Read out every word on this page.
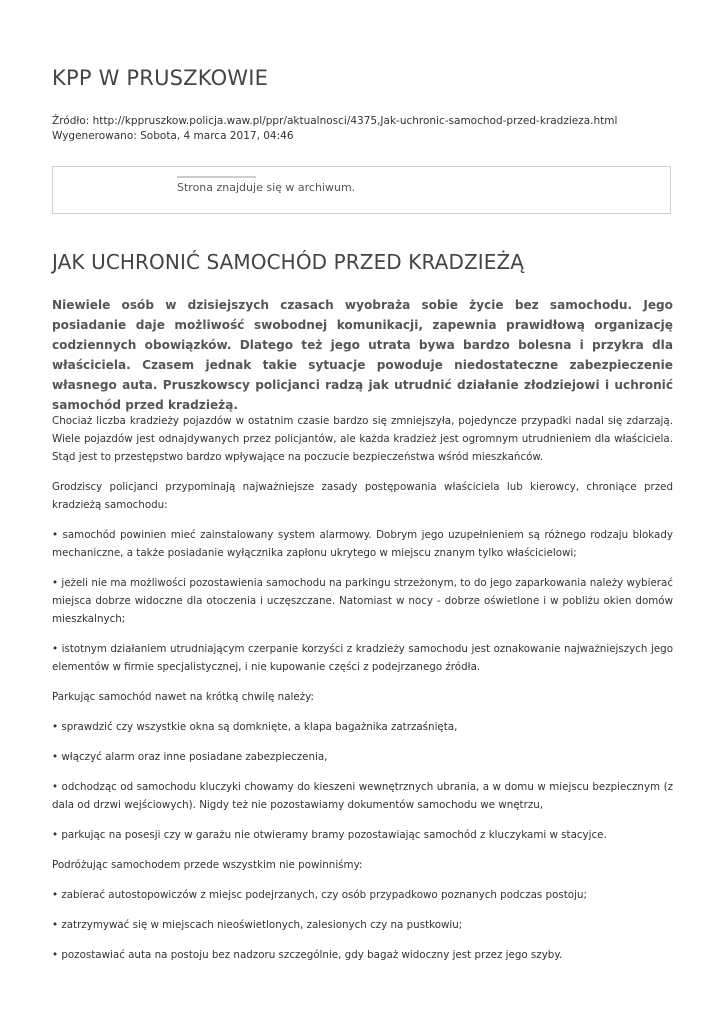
KPP W PRUSZKOWIE
Źródło: http://kppruszkow.policja.waw.pl/ppr/aktualnosci/4375,Jak-uchronic-samochod-przed-kradzieza.html
Wygenerowano: Sobota, 4 marca 2017, 04:46
Strona znajduje się w archiwum.
JAK UCHRONIĆ SAMOCHÓD PRZED KRADZIEŻĄ

Niewiele osób w dzisiejszych czasach wyobraża sobie życie bez samochodu. Jego posiadanie daje możliwość swobodnej komunikacji, zapewnia prawidłową organizację codziennych obowiązków. Dlatego też jego utrata bywa bardzo bolesna i przykra dla właściciela. Czasem jednak takie sytuacje powoduje niedostateczne zabezpieczenie własnego auta. Pruszkowscy policjanci radzą jak utrudnić działanie złodziejowi i uchronić samochód przed kradzieżą.

Chociaż liczba kradzieży pojazdów w ostatnim czasie bardzo się zmniejszyła, pojedyncze przypadki nadal się zdarzają. Wiele pojazdów jest odnajdywanych przez policjantów, ale każda kradzież jest ogromnym utrudnieniem dla właściciela. Stąd jest to przestępstwo bardzo wpływające na poczucie bezpieczeństwa wśród mieszkańców.

Grodziscy policjanci przypominają najważniejsze zasady postępowania właściciela lub kierowcy, chroniące przed kradzieżą samochodu:

• samochód powinien mieć zainstalowany system alarmowy. Dobrym jego uzupełnieniem są różnego rodzaju blokady mechaniczne, a także posiadanie wyłącznika zapłonu ukrytego w miejscu znanym tylko właścicielowi;

• jeżeli nie ma możliwości pozostawienia samochodu na parkingu strzeżonym, to do jego zaparkowania należy wybierać miejsca dobrze widoczne dla otoczenia i uczęszczane. Natomiast w nocy - dobrze oświetlone i w pobliżu okien domów mieszkalnych;

• istotnym działaniem utrudniającym czerpanie korzyści z kradzieży samochodu jest oznakowanie najważniejszych jego elementów w firmie specjalistycznej, i nie kupowanie części z podejrzanego źródła.

Parkując samochód nawet na krótką chwilę należy:

• sprawdzić czy wszystkie okna są domknięte, a klapa bagażnika zatrzaśnięta,

• włączyć alarm oraz inne posiadane zabezpieczenia,

• odchodząc od samochodu kluczyki chowamy do kieszeni wewnętrznych ubrania, a w domu w miejscu bezpiecznym (z dala od drzwi wejściowych). Nigdy też nie pozostawiamy dokumentów samochodu we wnętrzu,

• parkując na posesji czy w garażu nie otwieramy bramy pozostawiając samochód z kluczykami w stacyjce.

Podróżując samochodem przede wszystkim nie powinniśmy:

• zabierać autostopowiczów z miejsc podejrzanych, czy osób przypadkowo poznanych podczas postoju;

• zatrzymywać się w miejscach nieoświetlonych, zalesionych czy na pustkowiu;

• pozostawiać auta na postoju bez nadzoru szczególnie, gdy bagaż widoczny jest przez jego szyby.
